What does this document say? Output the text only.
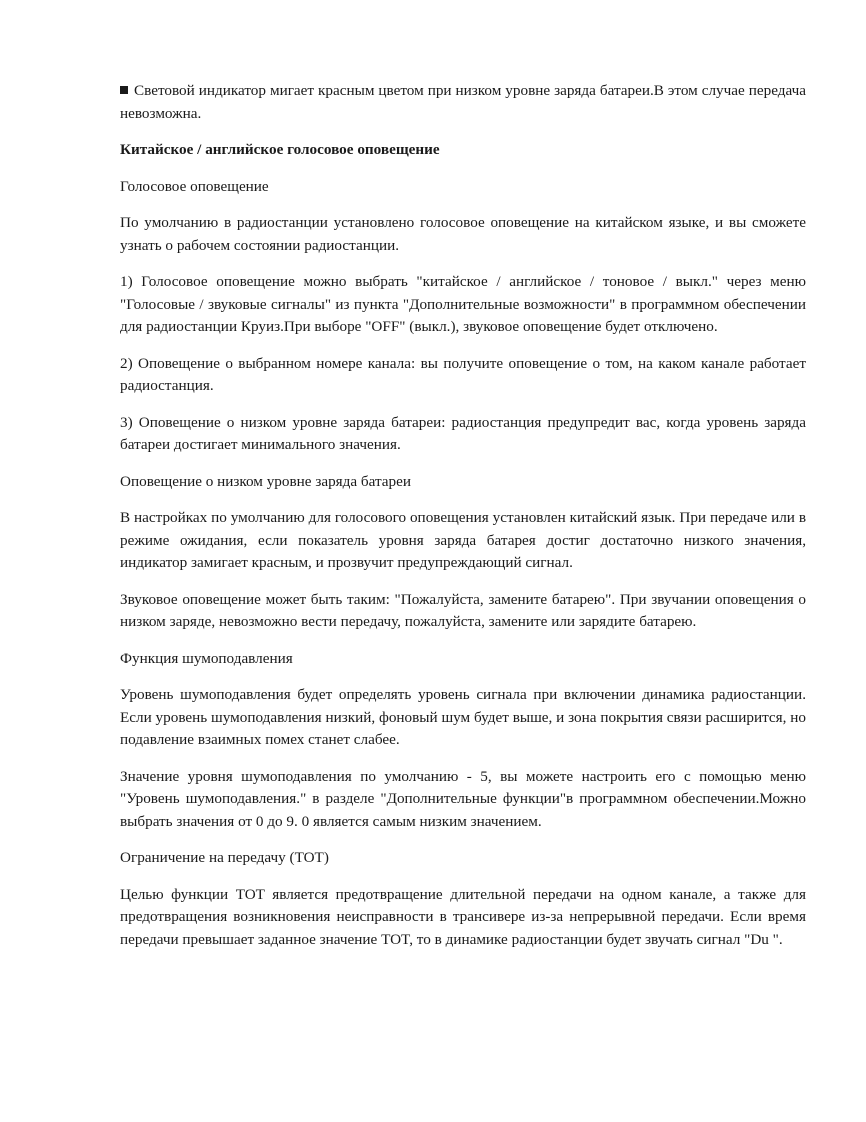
Световой индикатор мигает красным цветом при низком уровне заряда батареи.В этом случае передача невозможна.

Китайское / английское голосовое оповещение

Голосовое оповещение

По умолчанию в радиостанции установлено голосовое оповещение на китайском языке, и вы сможете узнать о рабочем состоянии радиостанции.

1) Голосовое оповещение можно выбрать "китайское / английское / тоновое / выкл." через меню "Голосовые / звуковые сигналы" из пункта "Дополнительные возможности" в программном обеспечении для радиостанции Круиз.При выборе "OFF" (выкл.), звуковое оповещение будет отключено.

2) Оповещение о выбранном номере канала: вы получите оповещение о том, на каком канале работает радиостанция.

3) Оповещение о низком уровне заряда батареи: радиостанция предупредит вас, когда уровень заряда батареи достигает минимального значения.

Оповещение о низком уровне заряда батареи

В настройках по умолчанию для голосового оповещения установлен китайский язык. При передаче или в режиме ожидания, если показатель уровня заряда батарея достиг достаточно низкого значения, индикатор замигает красным, и прозвучит предупреждающий сигнал.

Звуковое оповещение может быть таким: "Пожалуйста, замените батарею". При звучании оповещения о низком заряде, невозможно вести передачу, пожалуйста, замените или зарядите батарею.

Функция шумоподавления

Уровень шумоподавления будет определять уровень сигнала при включении динамика радиостанции. Если уровень шумоподавления низкий, фоновый шум будет выше, и зона покрытия связи расширится, но подавление взаимных помех станет слабее.

Значение уровня шумоподавления по умолчанию - 5, вы можете настроить его с помощью меню "Уровень шумоподавления." в разделе "Дополнительные функции"в программном обеспечении.Можно выбрать значения от 0 до 9. 0 является самым низким значением.

Ограничение на передачу (TOT)

Целью функции TOT является предотвращение длительной передачи на одном канале, а также для предотвращения возникновения неисправности в трансивере из-за непрерывной передачи. Если время передачи превышает заданное значение TOT, то в динамике радиостанции будет звучать сигнал "Du ".
